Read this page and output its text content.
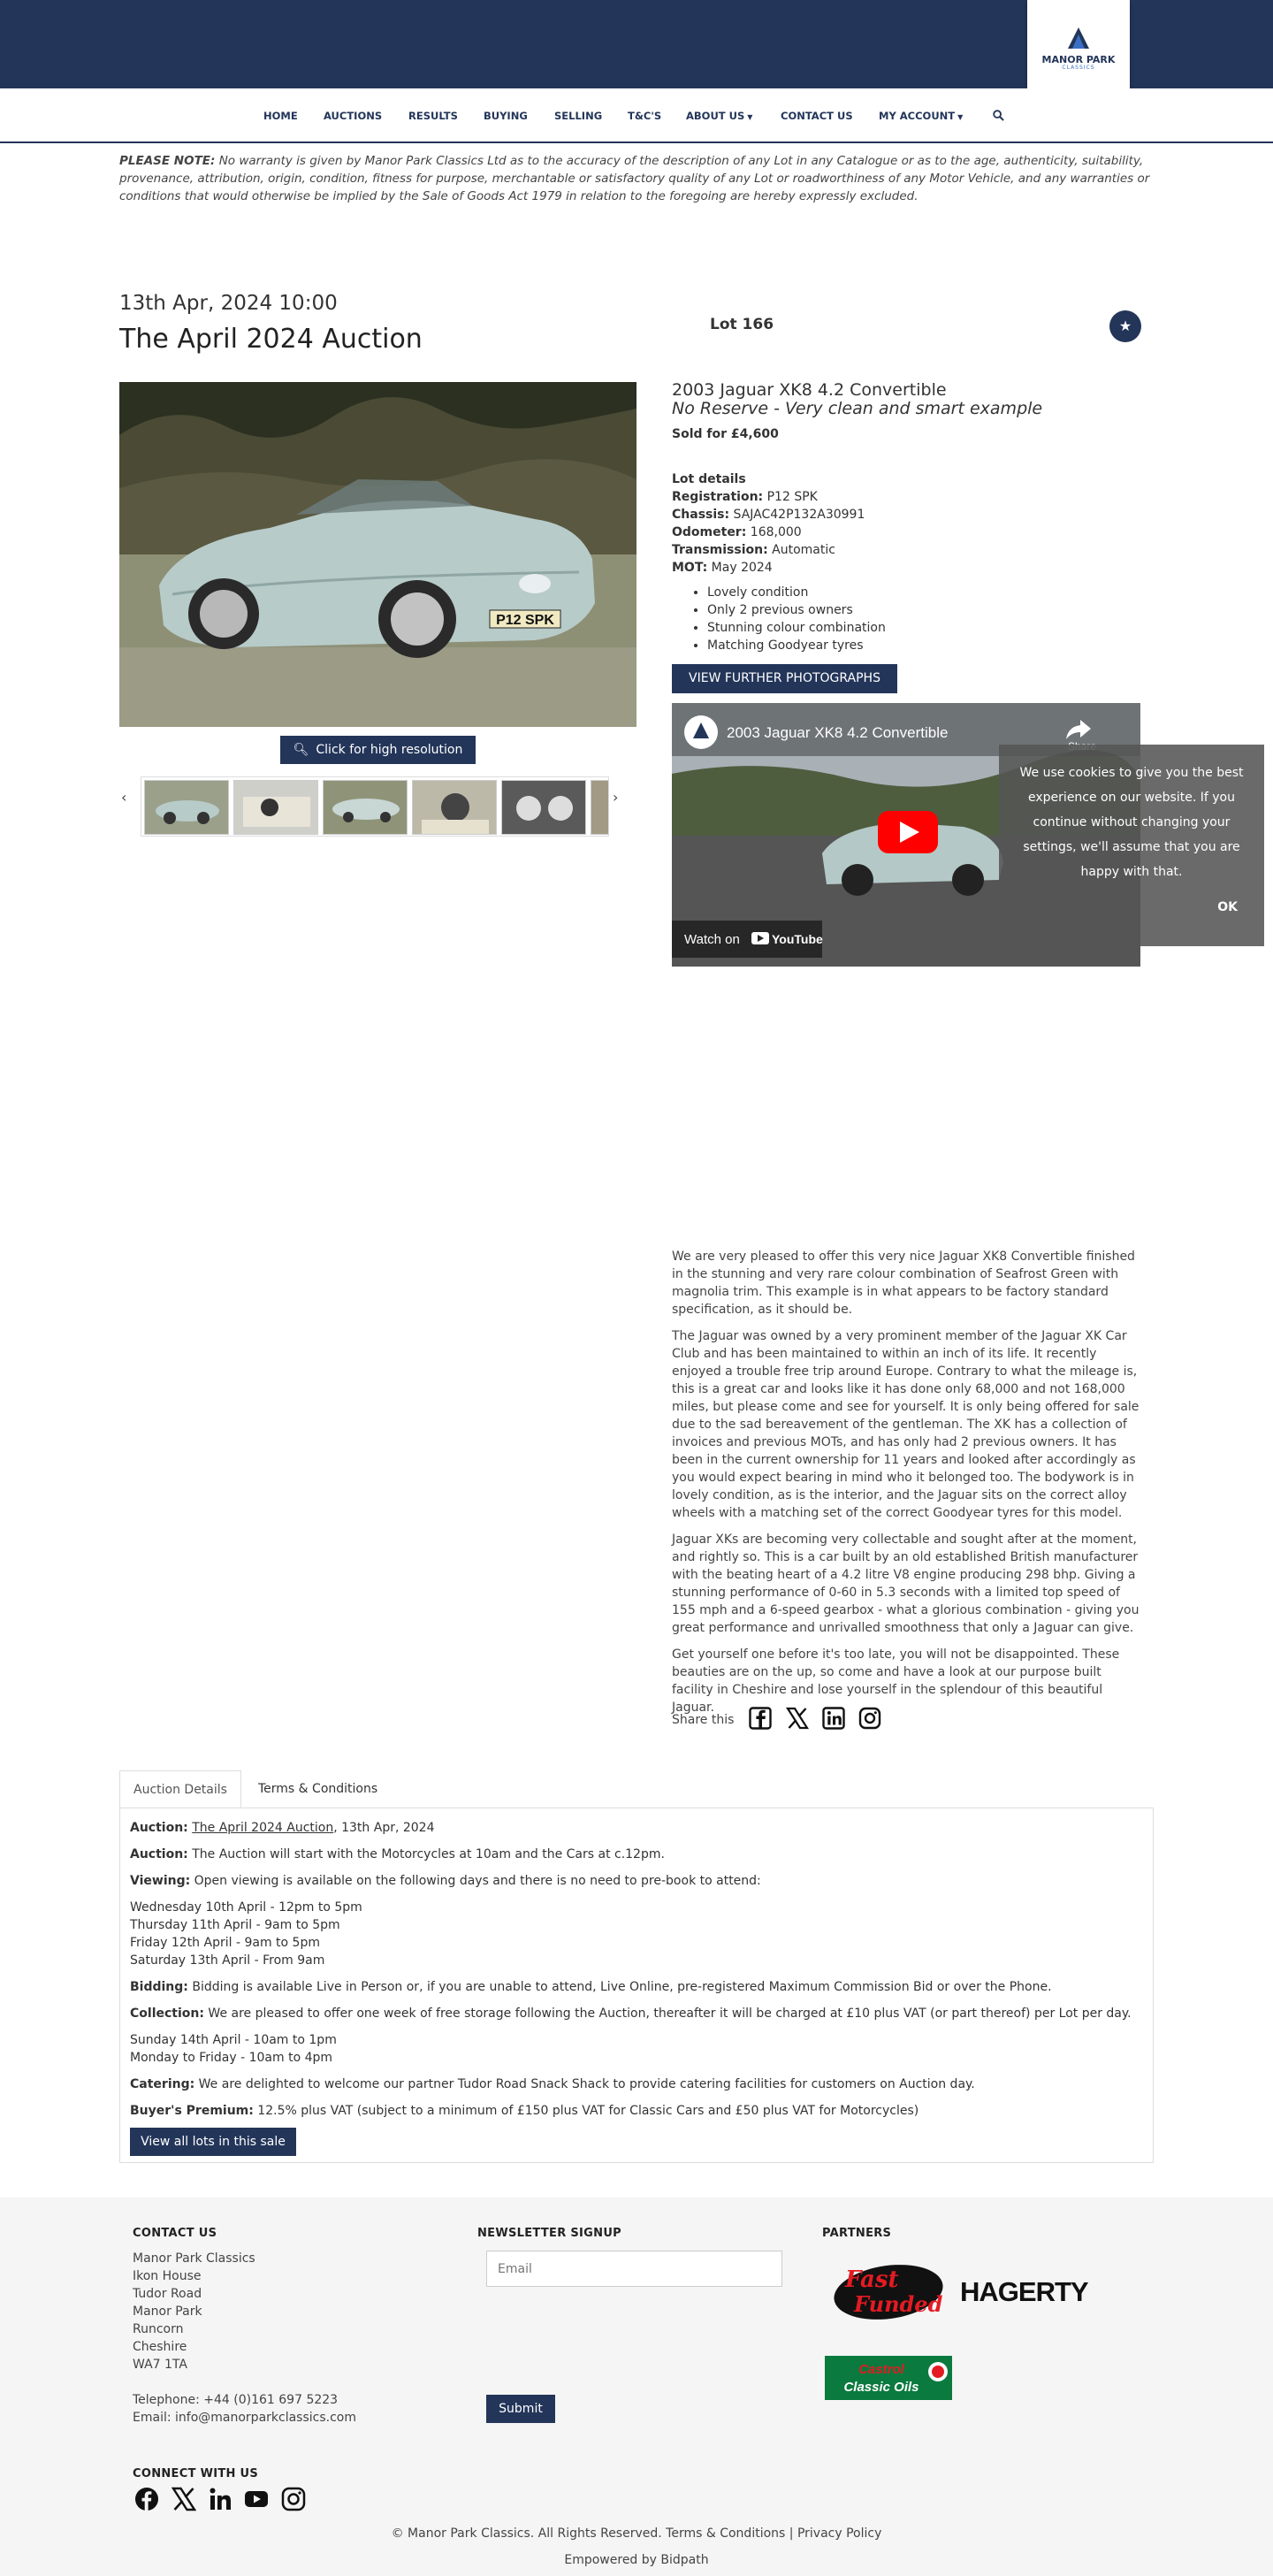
MANOR PARK
CLASSICS
HOME	AUCTIONS	RESULTS	BUYING	SELLING	T&C'S ABOUT US ▼	CONTACT US	MY ACCOUNT ▼
PLEASE NOTE: No warranty is given by Manor Park Classics Ltd as to the accuracy of the description of any Lot in any Catalogue or as to the age, authenticity, suitability, provenance, attribution, origin, condition, fitness for purpose, merchantable or satisfactory quality of any Lot or roadworthiness of any Motor Vehicle, and any warranties or conditions that would otherwise be implied by the Sale of Goods Act 1979 in relation to the foregoing are hereby expressly excluded.
13th Apr, 2024 10:00
The April 2024 Auction	Lot 166	★
P12 SPK
🔍︎ Click for high resolution
‹	›
2003 Jaguar XK8 4.2 Convertible
No Reserve - Very clean and smart example
Sold for £4,600
Lot details
Registration: P12 SPK
Chassis: SAJAC42P132A30991
Odometer: 168,000
Transmission: Automatic
MOT: May 2024
• Lovely condition
• Only 2 previous owners
• Stunning colour combination
• Matching Goodyear tyres
VIEW FURTHER PHOTOGRAPHS
2003 Jaguar XK8 4.2 Convertible
Watch on	YouTube
We use cookies to give you the best experience on our website. If you continue without changing your settings, we'll assume that you are happy with that.
OK

We are very pleased to offer this very nice Jaguar XK8 Convertible finished in the stunning and very rare colour combination of Seafrost Green with magnolia trim. This example is in what appears to be factory standard specification, as it should be.

The Jaguar was owned by a very prominent member of the Jaguar XK Car Club and has been maintained to within an inch of its life. It recently enjoyed a trouble free trip around Europe. Contrary to what the mileage is, this is a great car and looks like it has done only 68,000 and not 168,000 miles, but please come and see for yourself. It is only being offered for sale due to the sad bereavement of the gentleman. The XK has a collection of invoices and previous MOTs, and has only had 2 previous owners. It has been in the current ownership for 11 years and looked after accordingly as you would expect bearing in mind who it belonged too. The bodywork is in lovely condition, as is the interior, and the Jaguar sits on the correct alloy wheels with a matching set of the correct Goodyear tyres for this model.

Jaguar XKs are becoming very collectable and sought after at the moment, and rightly so. This is a car built by an old established British manufacturer with the beating heart of a 4.2 litre V8 engine producing 298 bhp. Giving a stunning performance of 0-60 in 5.3 seconds with a limited top speed of 155 mph and a 6-speed gearbox - what a glorious combination - giving you great performance and unrivalled smoothness that only a Jaguar can give.

Get yourself one before it's too late, you will not be disappointed. These beauties are on the up, so come and have a look at our purpose built facility in Cheshire and lose yourself in the splendour of this beautiful Jaguar.

Share this
Auction Details	Terms & Conditions
Auction: The April 2024 Auction, 13th Apr, 2024
Auction: The Auction will start with the Motorcycles at 10am and the Cars at c.12pm.
Viewing: Open viewing is available on the following days and there is no need to pre-book to attend:
Wednesday 10th April - 12pm to 5pm
Thursday 11th April - 9am to 5pm
Friday 12th April - 9am to 5pm
Saturday 13th April - From 9am
Bidding: Bidding is available Live in Person or, if you are unable to attend, Live Online, pre-registered Maximum Commission Bid or over the Phone.
Collection: We are pleased to offer one week of free storage following the Auction, thereafter it will be charged at £10 plus VAT (or part thereof) per Lot per day.
Sunday 14th April - 10am to 1pm
Monday to Friday - 10am to 4pm
Catering: We are delighted to welcome our partner Tudor Road Snack Shack to provide catering facilities for customers on Auction day.
Buyer's Premium: 12.5% plus VAT (subject to a minimum of £150 plus VAT for Classic Cars and £50 plus VAT for Motorcycles)
View all lots in this sale
CONTACT US
Manor Park Classics
Ikon House
Tudor Road
Manor Park
Runcorn
Cheshire
WA7 1TA
Telephone: +44 (0)161 697 5223
Email: info@manorparkclassics.com
NEWSLETTER SIGNUP
Email
Submit
PARTNERS
Fast
Funded HAGERTY
Castrol
Classic Oils
CONNECT WITH US
© Manor Park Classics. All Rights Reserved. Terms & Conditions | Privacy Policy
Empowered by Bidpath
